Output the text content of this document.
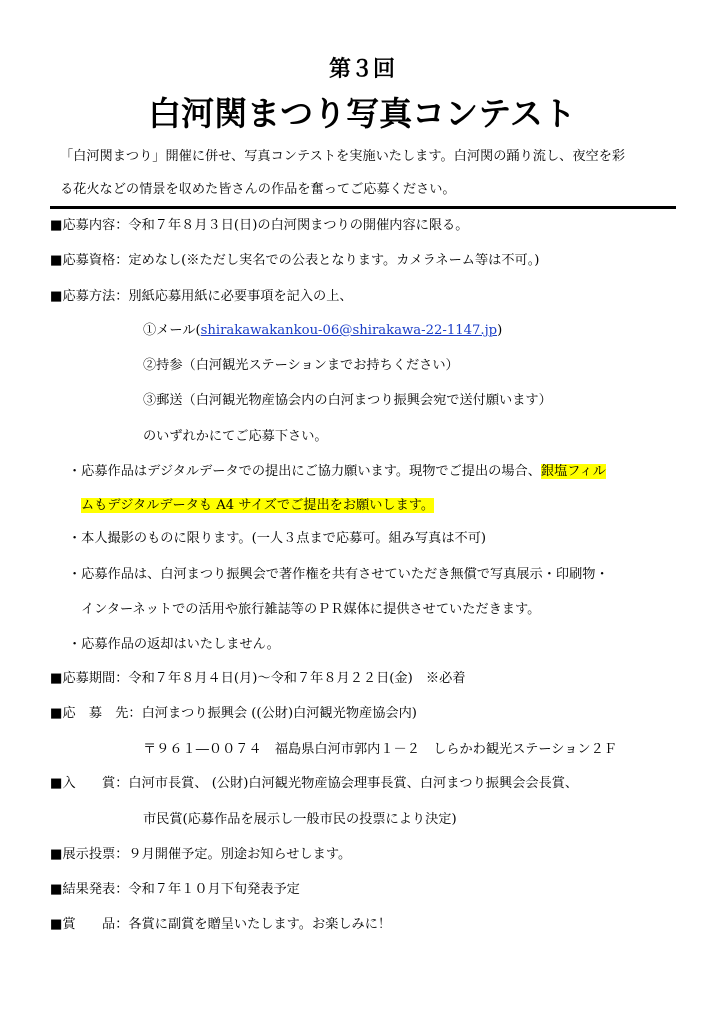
第３回
白河関まつり写真コンテスト
「白河関まつり」開催に併せ、写真コンテストを実施いたします。白河関の踊り流し、夜空を彩
る花火などの情景を収めた皆さんの作品を奮ってご応募ください。
■応募内容：令和７年８月３日(日)の白河関まつりの開催内容に限る。
■応募資格：定めなし(※ただし実名での公表となります。カメラネーム等は不可。)
■応募方法：別紙応募用紙に必要事項を記入の上、
①メール(shirakawakankou-06@shirakawa-22-1147.jp)
②持参（白河観光ステーションまでお持ちください）
③郵送（白河観光物産協会内の白河まつり振興会宛で送付願います）
のいずれかにてご応募下さい。
・応募作品はデジタルデータでの提出にご協力願います。現物でご提出の場合、銀塩フィル
ムもデジタルデータも A4 サイズでご提出をお願いします。
・本人撮影のものに限ります。(一人３点まで応募可。組み写真は不可)
・応募作品は、白河まつり振興会で著作権を共有させていただき無償で写真展示・印刷物・
インターネットでの活用や旅行雑誌等のＰＲ媒体に提供させていただきます。
・応募作品の返却はいたしません。
■応募期間：令和７年８月４日(月)～令和７年８月２２日(金)　※必着
■応　募　先：白河まつり振興会 ((公財)白河観光物産協会内)
〒９６１―００７４　福島県白河市郭内１－２　しらかわ観光ステーション２Ｆ
■入　　賞：白河市長賞、 (公財)白河観光物産協会理事長賞、白河まつり振興会会長賞、
市民賞(応募作品を展示し一般市民の投票により決定)
■展示投票：９月開催予定。別途お知らせします。
■結果発表：令和７年１０月下旬発表予定
■賞　　品：各賞に副賞を贈呈いたします。お楽しみに！
